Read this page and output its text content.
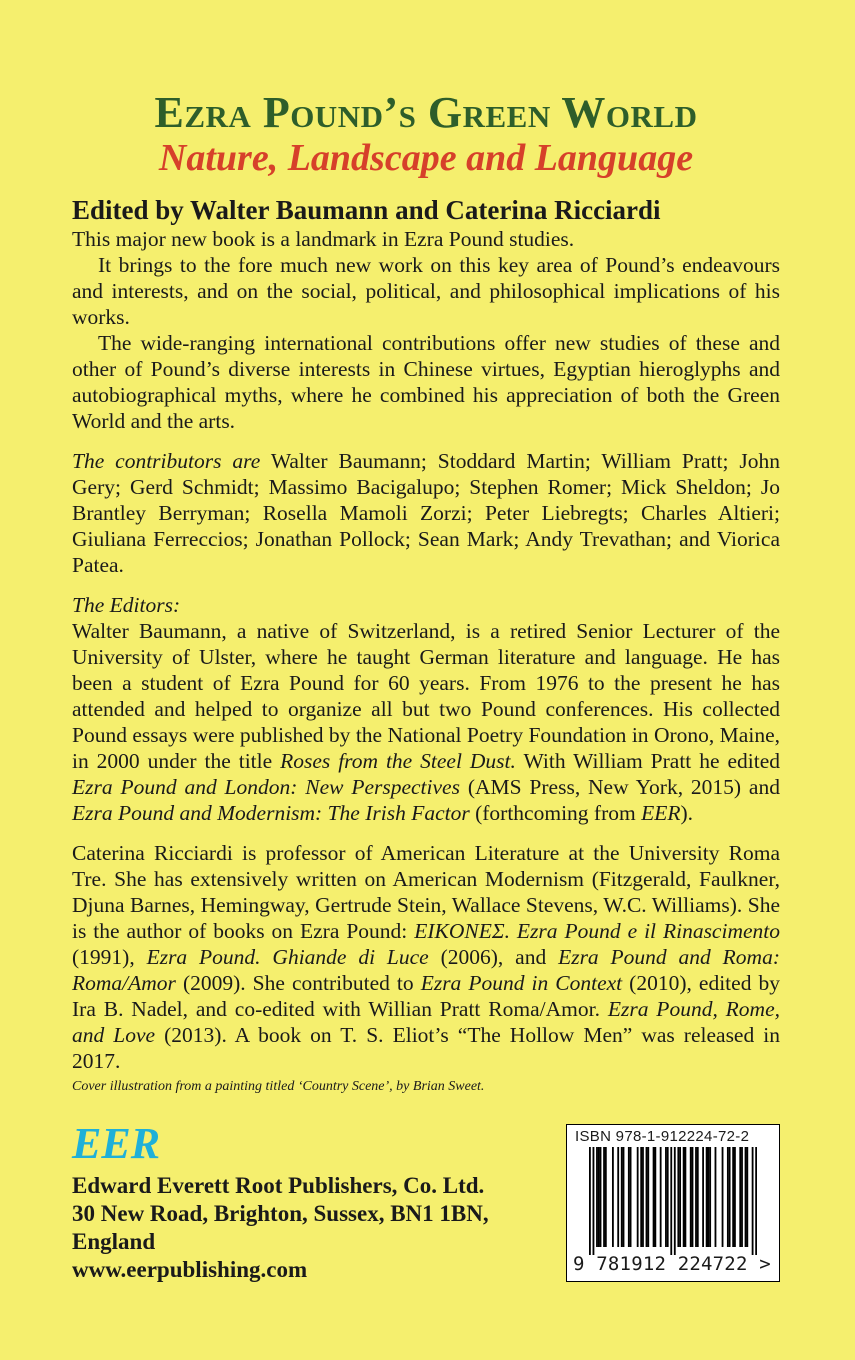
Ezra Pound’s Green World
Nature, Landscape and Language
Edited by Walter Baumann and Caterina Ricciardi

This major new book is a landmark in Ezra Pound studies.

It brings to the fore much new work on this key area of Pound’s endeavours and interests, and on the social, political, and philosophical implications of his works.

The wide-ranging international contributions offer new studies of these and other of Pound’s diverse interests in Chinese virtues, Egyptian hieroglyphs and autobiographical myths, where he combined his appreciation of both the Green World and the arts.

The contributors are Walter Baumann; Stoddard Martin; William Pratt; John Gery; Gerd Schmidt; Massimo Bacigalupo; Stephen Romer; Mick Sheldon; Jo Brantley Berryman; Rosella Mamoli Zorzi; Peter Liebregts; Charles Altieri; Giuliana Ferreccios; Jonathan Pollock; Sean Mark; Andy Trevathan; and Viorica Patea.

The Editors:

Walter Baumann, a native of Switzerland, is a retired Senior Lecturer of the University of Ulster, where he taught German literature and language. He has been a student of Ezra Pound for 60 years. From 1976 to the present he has attended and helped to organize all but two Pound conferences. His collected Pound essays were published by the National Poetry Foundation in Orono, Maine, in 2000 under the title Roses from the Steel Dust. With William Pratt he edited Ezra Pound and London: New Perspectives (AMS Press, New York, 2015) and Ezra Pound and Modernism: The Irish Factor (forthcoming from EER).

Caterina Ricciardi is professor of American Literature at the University Roma Tre. She has extensively written on American Modernism (Fitzgerald, Faulkner, Djuna Barnes, Hemingway, Gertrude Stein, Wallace Stevens, W.C. Williams). She is the author of books on Ezra Pound: EIKONEΣ. Ezra Pound e il Rinascimento (1991), Ezra Pound. Ghiande di Luce (2006), and Ezra Pound and Roma: Roma/Amor (2009). She contributed to Ezra Pound in Context (2010), edited by Ira B. Nadel, and co-edited with Willian Pratt Roma/Amor. Ezra Pound, Rome, and Love (2013). A book on T. S. Eliot’s “The Hollow Men” was released in 2017.

Cover illustration from a painting titled ‘Country Scene’, by Brian Sweet.

EER
Edward Everett Root Publishers, Co. Ltd.
30 New Road, Brighton, Sussex, BN1 1BN,
England
www.eerpublishing.com
ISBN 978-1-912224-72-2
9 781912 224722 >
